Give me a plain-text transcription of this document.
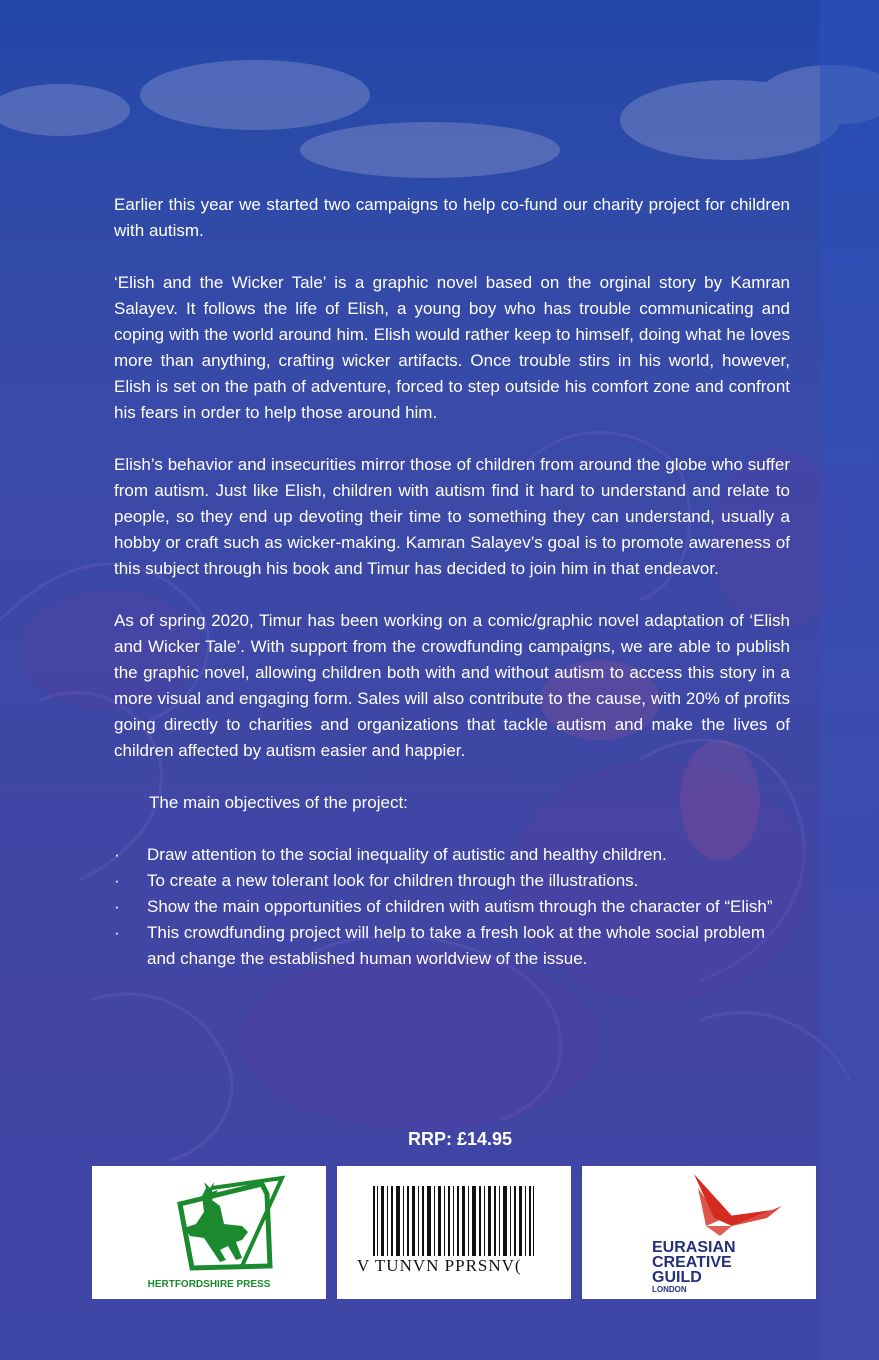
Earlier this year we started two campaigns to help co-fund our charity project for children with autism.

‘Elish and the Wicker Tale’ is a graphic novel based on the orginal story by Kamran Salayev. It follows the life of Elish, a young boy who has trouble communicating and coping with the world around him. Elish would rather keep to himself, doing what he loves more than anything, crafting wicker artifacts. Once trouble stirs in his world, however, Elish is set on the path of adventure, forced to step outside his comfort zone and confront his fears in order to help those around him.

Elish’s behavior and insecurities mirror those of children from around the globe who suffer from autism. Just like Elish, children with autism find it hard to understand and relate to people, so they end up devoting their time to something they can understand, usually a hobby or craft such as wicker-making. Kamran Salayev’s goal is to promote awareness of this subject through his book and Timur has decided to join him in that endeavor.

As of spring 2020, Timur has been working on a comic/graphic novel adaptation of ‘Elish and Wicker Tale’. With support from the crowdfunding campaigns, we are able to publish the graphic novel, allowing children both with and without autism to access this story in a more visual and engaging form. Sales will also contribute to the cause, with 20% of profits going directly to charities and organizations that tackle autism and make the lives of children affected by autism easier and happier.

The main objectives of the project:

· Draw attention to the social inequality of autistic and healthy children.
· To create a new tolerant look for children through the illustrations.
· Show the main opportunities of children with autism through the character of “Elish”
· This crowdfunding project will help to take a fresh look at the whole social problem and change the established human worldview of the issue.
RRP: £14.95
HERTFORDSHIRE PRESS
V TUNVN PPRSNV(
EURASIAN
CREATIVE
GUILD
LONDON
